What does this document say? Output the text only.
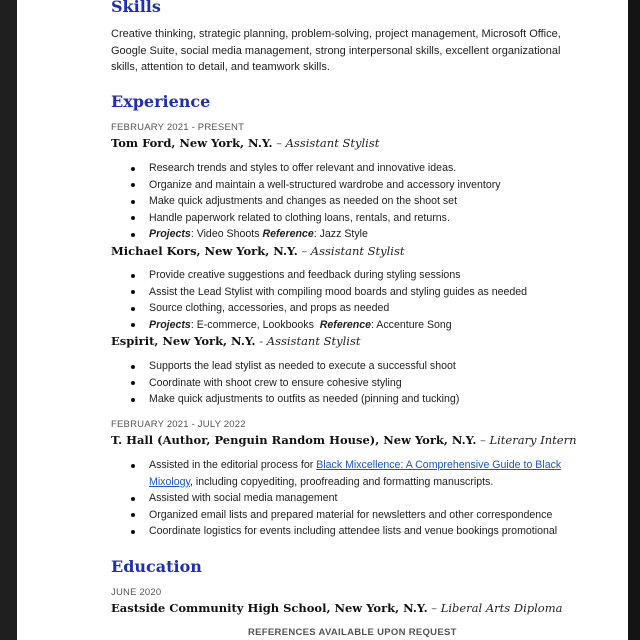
Skills

Creative thinking, strategic planning, problem-solving, project management, Microsoft Office, Google Suite, social media management, strong interpersonal skills, excellent organizational skills, attention to detail, and teamwork skills.

Experience
FEBRUARY 2021 - PRESENT
Tom Ford, New York, N.Y. – Assistant Stylist
Research trends and styles to offer relevant and innovative ideas.
Organize and maintain a well-structured wardrobe and accessory inventory
Make quick adjustments and changes as needed on the shoot set
Handle paperwork related to clothing loans, rentals, and returns.
Projects: Video Shoots Reference: Jazz Style
Michael Kors, New York, N.Y. – Assistant Stylist
Provide creative suggestions and feedback during styling sessions
Assist the Lead Stylist with compiling mood boards and styling guides as needed
Source clothing, accessories, and props as needed
Projects: E-commerce, Lookbooks  Reference: Accenture Song
Espirit, New York, N.Y. - Assistant Stylist
Supports the lead stylist as needed to execute a successful shoot
Coordinate with shoot crew to ensure cohesive styling
Make quick adjustments to outfits as needed (pinning and tucking)
FEBRUARY 2021 - JULY 2022
T. Hall (Author, Penguin Random House), New York, N.Y. – Literary Intern
Assisted in the editorial process for Black Mixcellence: A Comprehensive Guide to Black Mixology, including copyediting, proofreading and formatting manuscripts.
Assisted with social media management
Organized email lists and prepared material for newsletters and other correspondence
Coordinate logistics for events including attendee lists and venue bookings promotional
Education
JUNE 2020
Eastside Community High School, New York, N.Y. – Liberal Arts Diploma
REFERENCES AVAILABLE UPON REQUEST
